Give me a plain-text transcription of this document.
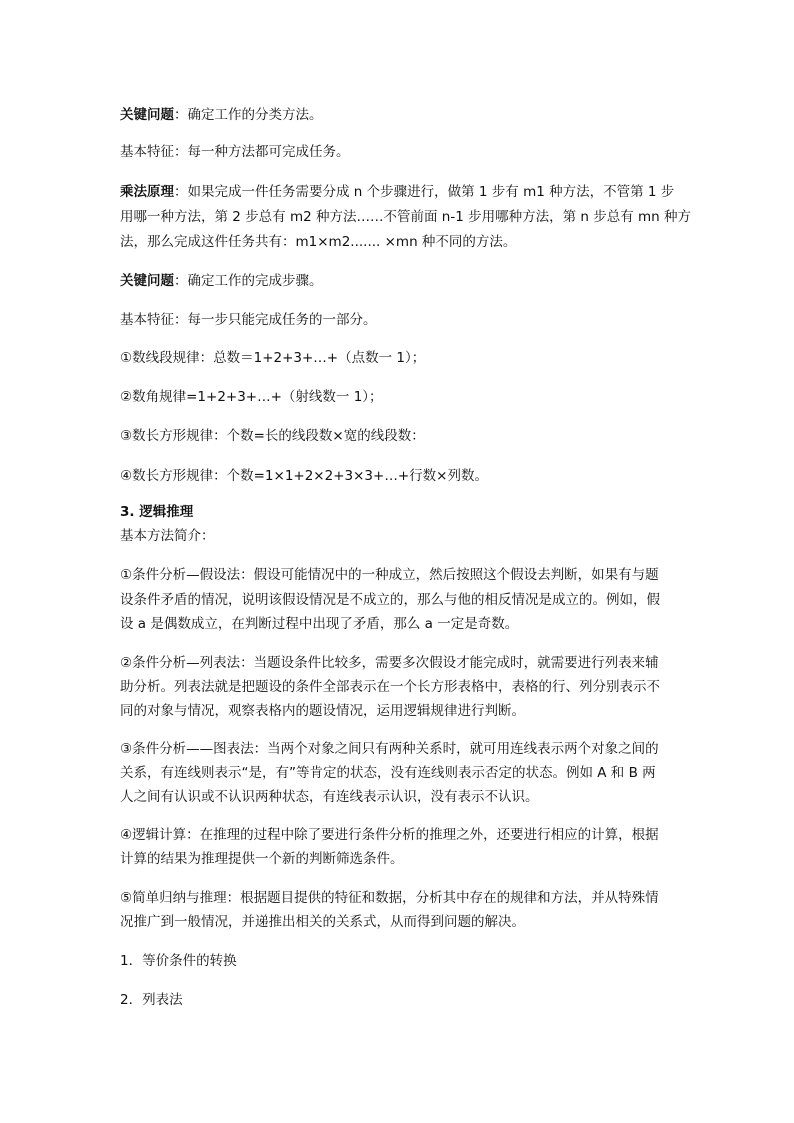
关键问题：确定工作的分类方法。
基本特征：每一种方法都可完成任务。
乘法原理：如果完成一件任务需要分成 n 个步骤进行，做第 1 步有 m1 种方法，不管第 1 步
用哪一种方法，第 2 步总有 m2 种方法……不管前面 n-1 步用哪种方法，第 n 步总有 mn 种方
法，那么完成这件任务共有：m1×m2....... ×mn 种不同的方法。
关键问题：确定工作的完成步骤。
基本特征：每一步只能完成任务的一部分。
①数线段规律：总数＝1+2+3+…+（点数一 1）；
②数角规律=1+2+3+…+（射线数一 1）；
③数长方形规律：个数=长的线段数×宽的线段数：
④数长方形规律：个数=1×1+2×2+3×3+…+行数×列数。
3. 逻辑推理
基本方法简介：
①条件分析—假设法：假设可能情况中的一种成立，然后按照这个假设去判断，如果有与题
设条件矛盾的情况，说明该假设情况是不成立的，那么与他的相反情况是成立的。例如，假
设 a 是偶数成立，在判断过程中出现了矛盾，那么 a 一定是奇数。
②条件分析—列表法：当题设条件比较多，需要多次假设才能完成时，就需要进行列表来辅
助分析。列表法就是把题设的条件全部表示在一个长方形表格中，表格的行、列分别表示不
同的对象与情况，观察表格内的题设情况，运用逻辑规律进行判断。
③条件分析——图表法：当两个对象之间只有两种关系时，就可用连线表示两个对象之间的
关系，有连线则表示“是，有”等肯定的状态，没有连线则表示否定的状态。例如 A 和 B 两
人之间有认识或不认识两种状态，有连线表示认识，没有表示不认识。
④逻辑计算：在推理的过程中除了要进行条件分析的推理之外，还要进行相应的计算，根据
计算的结果为推理提供一个新的判断筛选条件。
⑤简单归纳与推理：根据题目提供的特征和数据，分析其中存在的规律和方法，并从特殊情
况推广到一般情况，并递推出相关的关系式，从而得到问题的解决。
1．等价条件的转换
2．列表法
